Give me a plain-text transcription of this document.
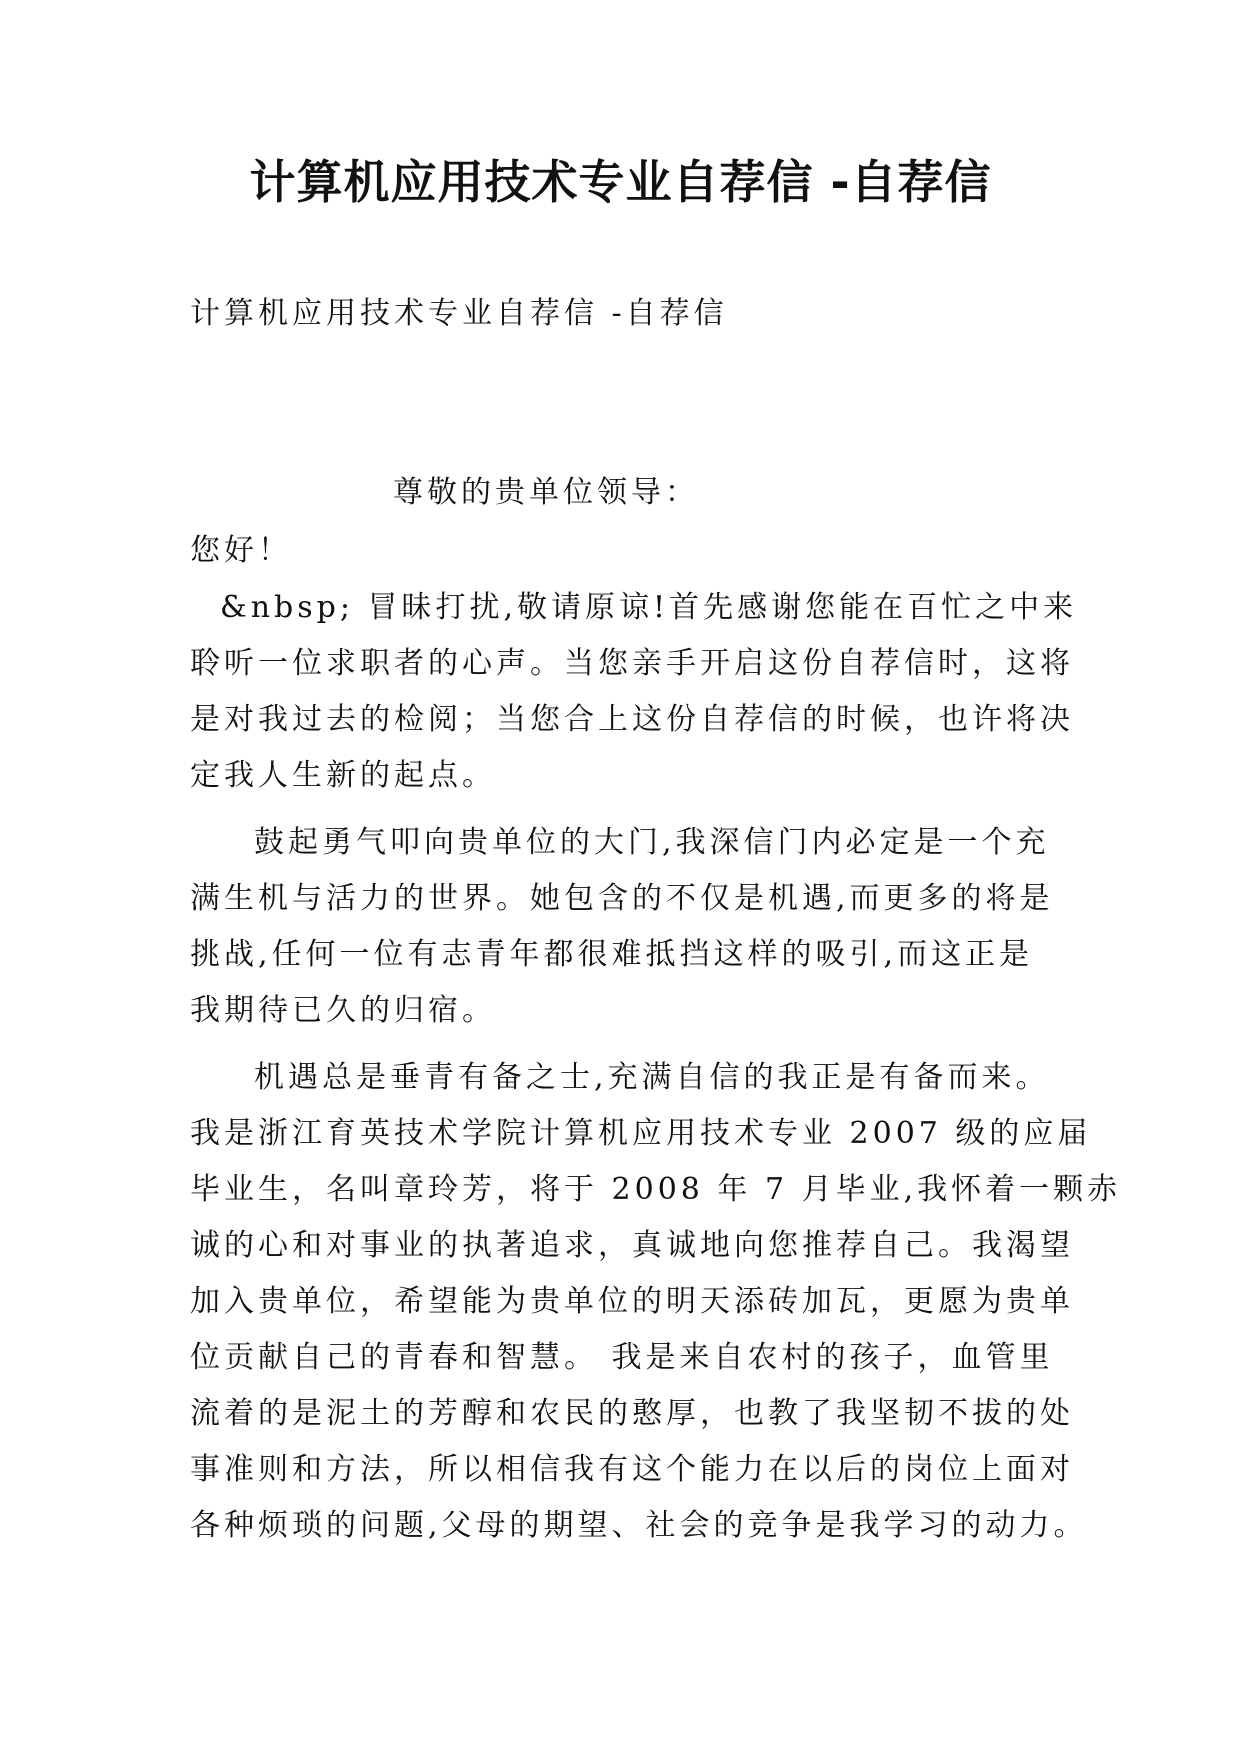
计算机应用技术专业自荐信 -自荐信

计算机应用技术专业自荐信 -自荐信

尊敬的贵单位领导：

您好！

&nbsp; 冒昧打扰,敬请原谅!首先感谢您能在百忙之中来
聆听一位求职者的心声。当您亲手开启这份自荐信时，这将
是对我过去的检阅；当您合上这份自荐信的时候，也许将决
定我人生新的起点。
鼓起勇气叩向贵单位的大门,我深信门内必定是一个充
满生机与活力的世界。她包含的不仅是机遇,而更多的将是
挑战,任何一位有志青年都很难抵挡这样的吸引,而这正是
我期待已久的归宿。
机遇总是垂青有备之士,充满自信的我正是有备而来。
我是浙江育英技术学院计算机应用技术专业 2007 级的应届
毕业生，名叫章玲芳，将于 2008 年 7 月毕业,我怀着一颗赤
诚的心和对事业的执著追求，真诚地向您推荐自己。我渴望
加入贵单位，希望能为贵单位的明天添砖加瓦，更愿为贵单
位贡献自己的青春和智慧。 我是来自农村的孩子，血管里
流着的是泥土的芳醇和农民的憨厚，也教了我坚韧不拔的处
事准则和方法，所以相信我有这个能力在以后的岗位上面对
各种烦琐的问题,父母的期望、社会的竞争是我学习的动力。
